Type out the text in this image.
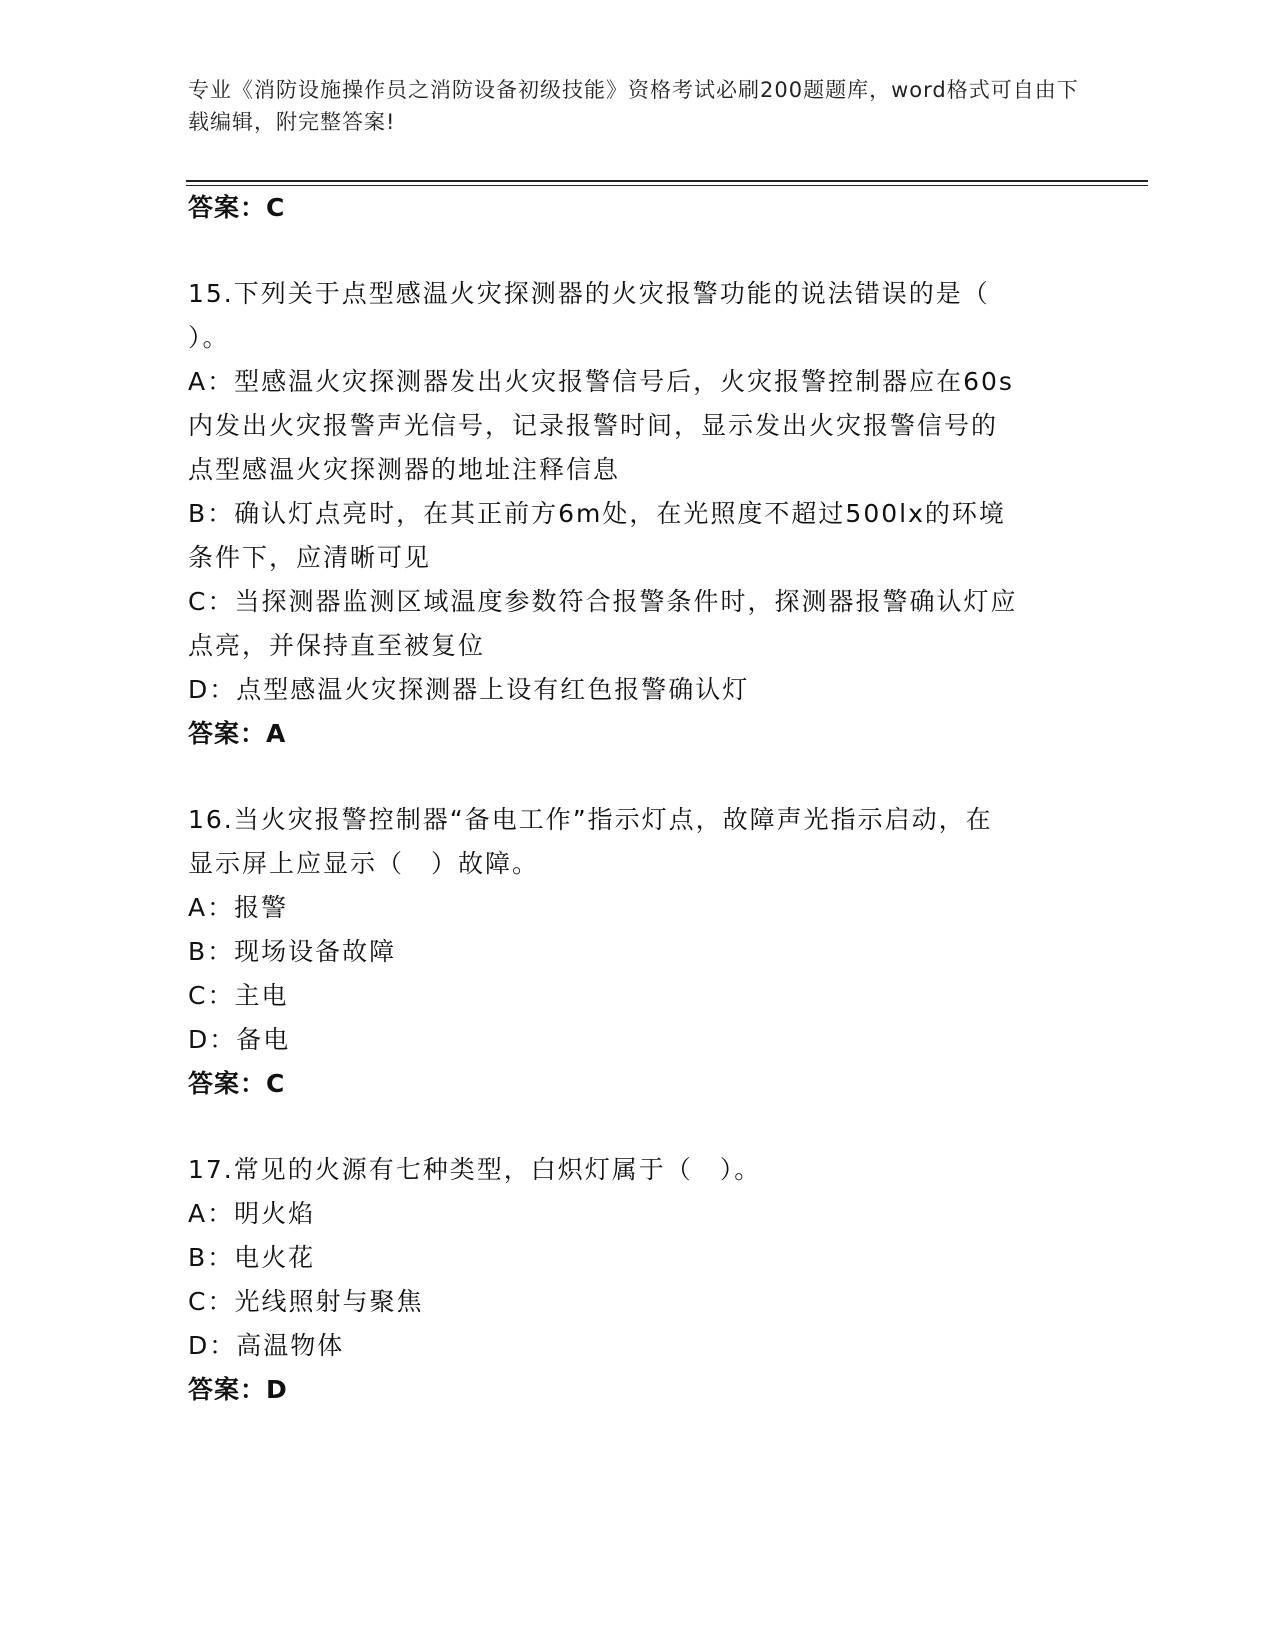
专业《消防设施操作员之消防设备初级技能》资格考试必刷200题题库，word格式可自由下载编辑，附完整答案!
答案：C
15.下列关于点型感温火灾探测器的火灾报警功能的说法错误的是（
）。
A：型感温火灾探测器发出火灾报警信号后，火灾报警控制器应在60s
内发出火灾报警声光信号，记录报警时间，显示发出火灾报警信号的
点型感温火灾探测器的地址注释信息
B：确认灯点亮时，在其正前方6m处，在光照度不超过500lx的环境
条件下，应清晰可见
C：当探测器监测区域温度参数符合报警条件时，探测器报警确认灯应
点亮，并保持直至被复位
D：点型感温火灾探测器上设有红色报警确认灯
答案：A
16.当火灾报警控制器“备电工作”指示灯点，故障声光指示启动，在
显示屏上应显示（　）故障。
A：报警
B：现场设备故障
C：主电
D：备电
答案：C
17.常见的火源有七种类型，白炽灯属于（　）。
A：明火焰
B：电火花
C：光线照射与聚焦
D：高温物体
答案：D
